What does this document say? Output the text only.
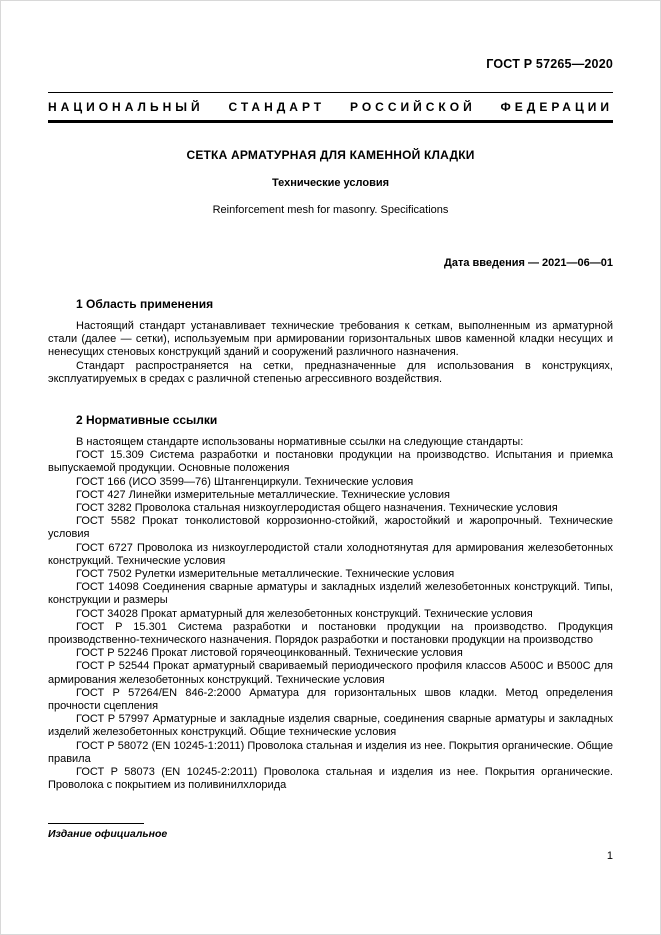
ГОСТ Р 57265—2020
НАЦИОНАЛЬНЫЙ СТАНДАРТ РОССИЙСКОЙ ФЕДЕРАЦИИ
СЕТКА АРМАТУРНАЯ ДЛЯ КАМЕННОЙ КЛАДКИ
Технические условия
Reinforcement mesh for masonry. Specifications
Дата введения — 2021—06—01
1 Область применения

Настоящий стандарт устанавливает технические требования к сеткам, выполненным из арматурной стали (далее — сетки), используемым при армировании горизонтальных швов каменной кладки несущих и ненесущих стеновых конструкций зданий и сооружений различного назначения.

Стандарт распространяется на сетки, предназначенные для использования в конструкциях, эксплуатируемых в средах с различной степенью агрессивного воздействия.

2 Нормативные ссылки

В настоящем стандарте использованы нормативные ссылки на следующие стандарты:

ГОСТ 15.309 Система разработки и постановки продукции на производство. Испытания и приемка выпускаемой продукции. Основные положения

ГОСТ 166 (ИСО 3599—76) Штангенциркули. Технические условия

ГОСТ 427 Линейки измерительные металлические. Технические условия

ГОСТ 3282 Проволока стальная низкоуглеродистая общего назначения. Технические условия

ГОСТ 5582 Прокат тонколистовой коррозионно-стойкий, жаростойкий и жаропрочный. Технические условия

ГОСТ 6727 Проволока из низкоуглеродистой стали холоднотянутая для армирования железобетонных конструкций. Технические условия

ГОСТ 7502 Рулетки измерительные металлические. Технические условия

ГОСТ 14098 Соединения сварные арматуры и закладных изделий железобетонных конструкций. Типы, конструкции и размеры

ГОСТ 34028 Прокат арматурный для железобетонных конструкций. Технические условия

ГОСТ Р 15.301 Система разработки и постановки продукции на производство. Продукция производственно-технического назначения. Порядок разработки и постановки продукции на производство

ГОСТ Р 52246 Прокат листовой горячеоцинкованный. Технические условия

ГОСТ Р 52544 Прокат арматурный свариваемый периодического профиля классов А500С и В500С для армирования железобетонных конструкций. Технические условия

ГОСТ Р 57264/EN 846-2:2000 Арматура для горизонтальных швов кладки. Метод определения прочности сцепления

ГОСТ Р 57997 Арматурные и закладные изделия сварные, соединения сварные арматуры и закладных изделий железобетонных конструкций. Общие технические условия

ГОСТ Р 58072 (EN 10245-1:2011) Проволока стальная и изделия из нее. Покрытия органические. Общие правила

ГОСТ Р 58073 (EN 10245-2:2011) Проволока стальная и изделия из нее. Покрытия органические. Проволока с покрытием из поливинилхлорида

Издание официальное
1
